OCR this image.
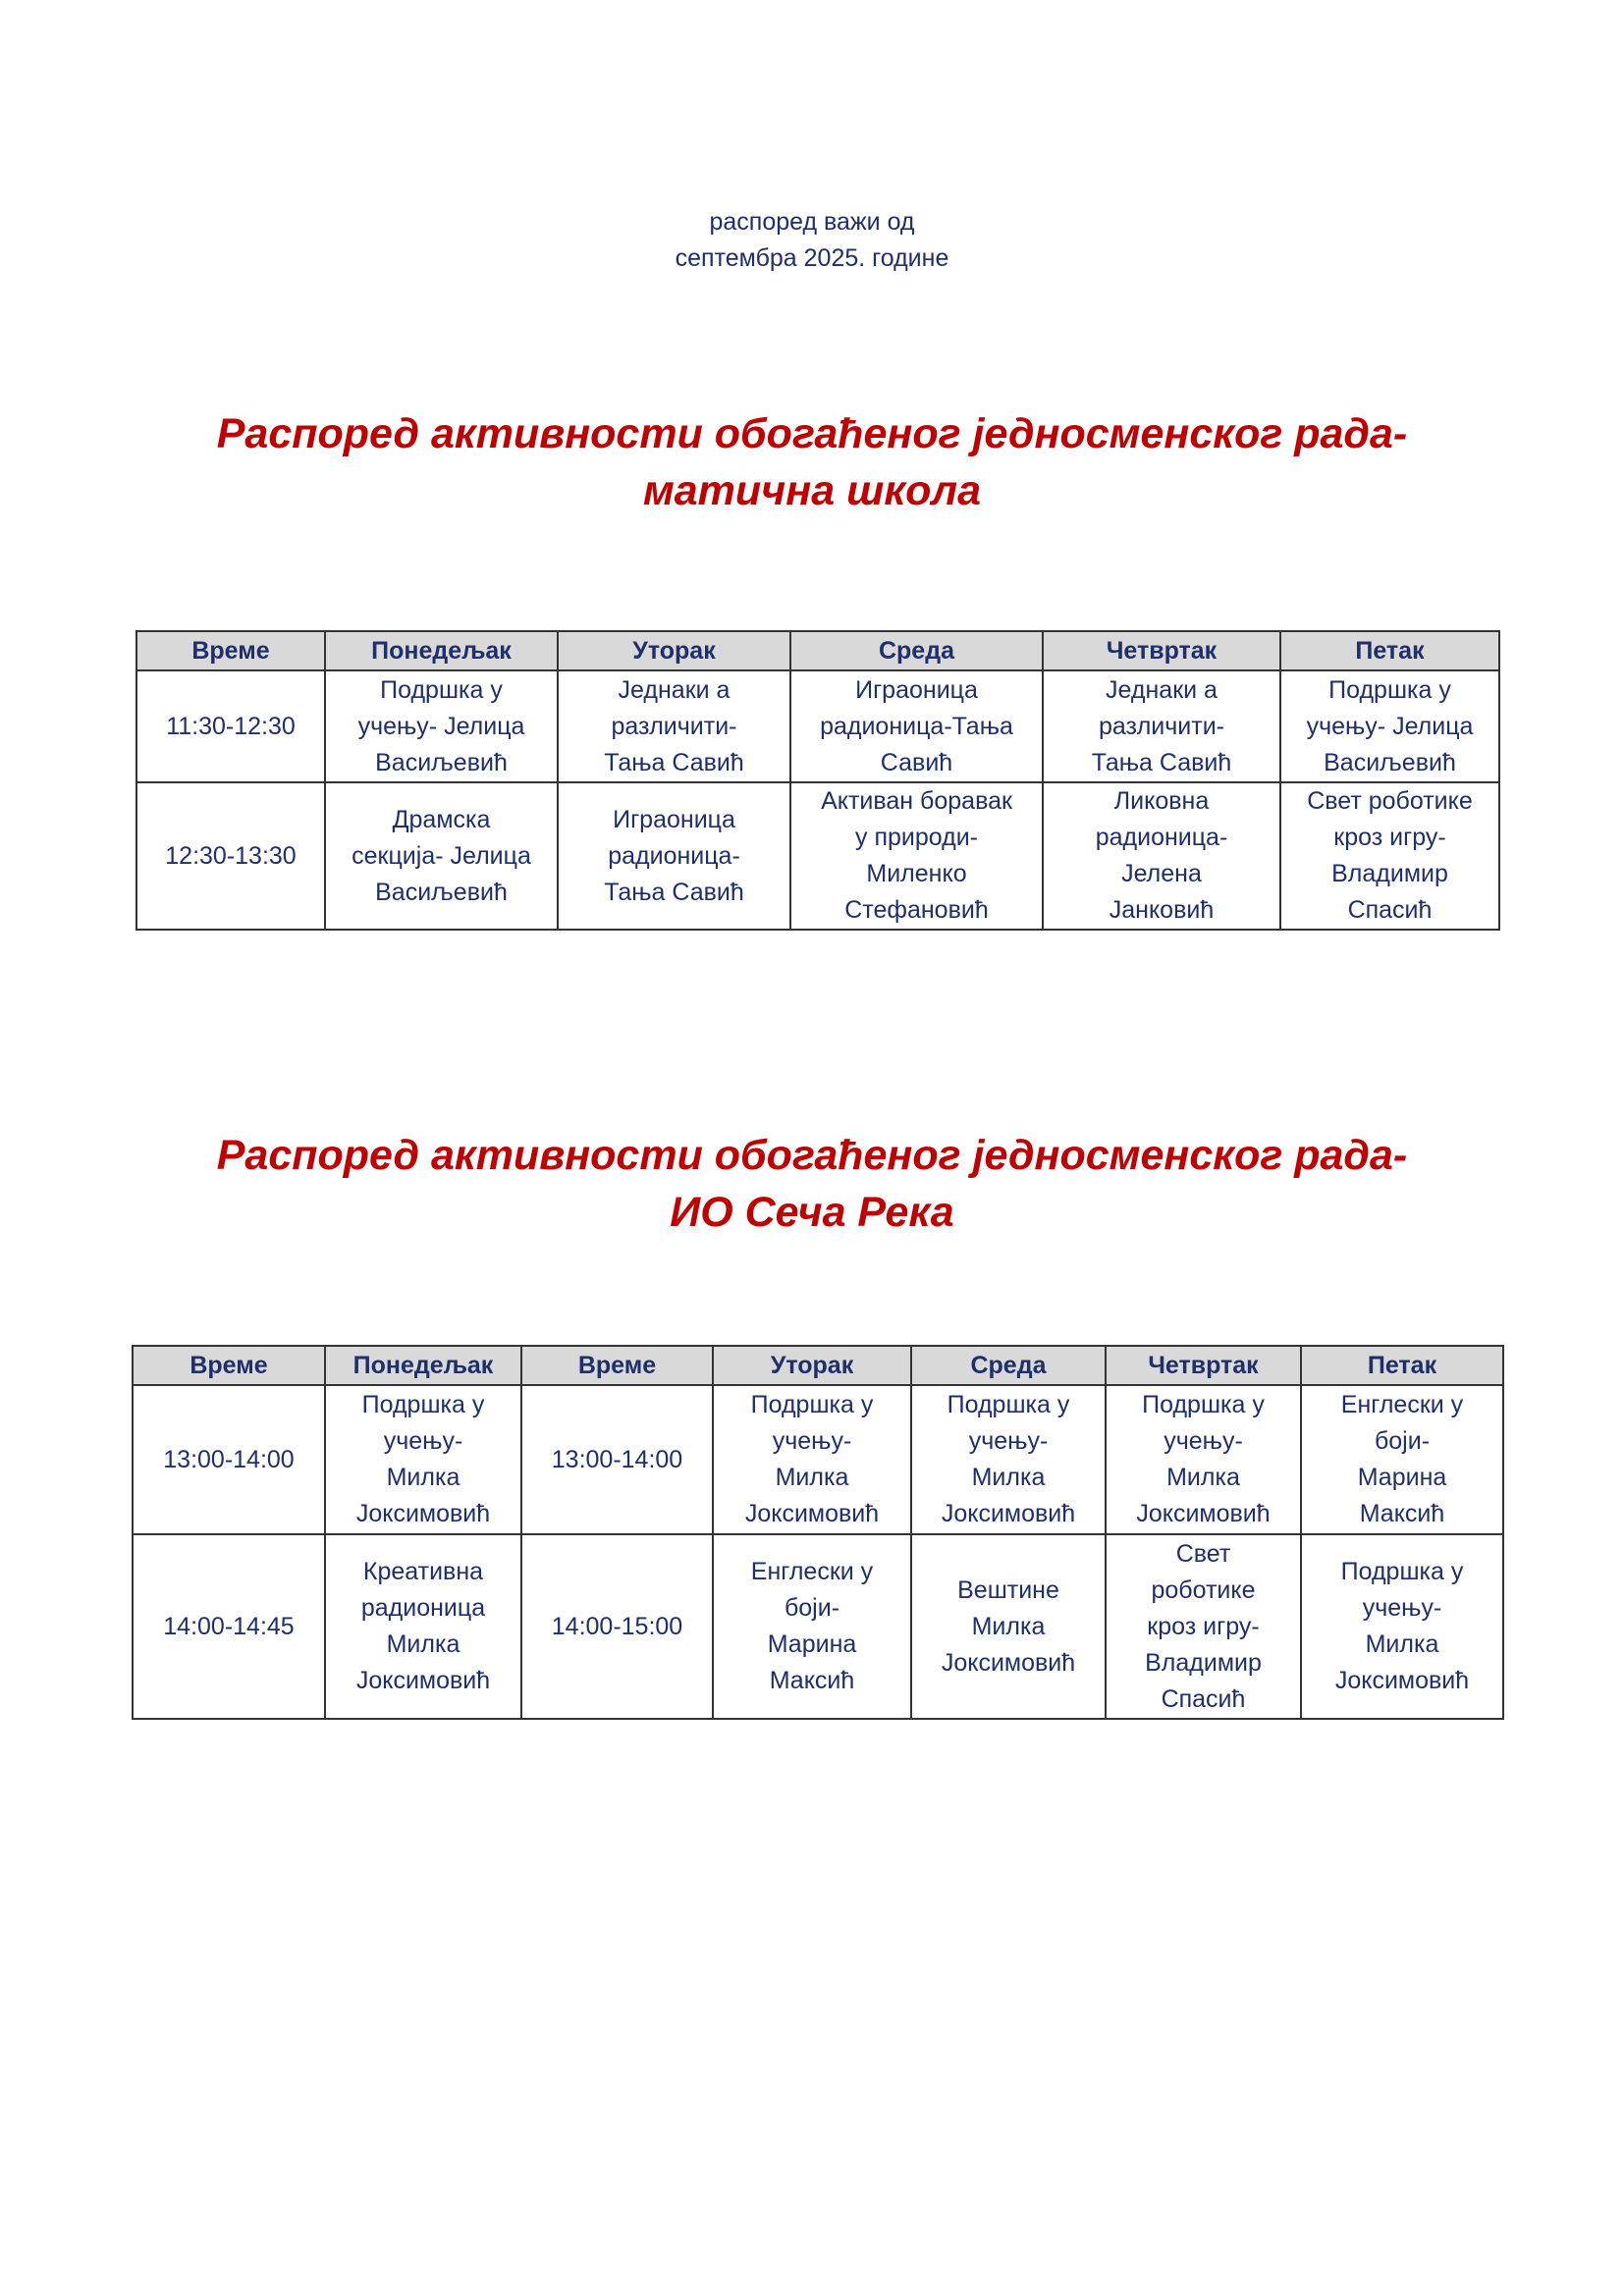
распоред важи од
септембра 2025. године
Распоред активности обогаћеног једносменског рада-
матична школа
Време	Понедељак	Уторак	Среда	Четвртак	Петак
11:30-12:30	Подршка у
учењу- Јелица
Васиљевић	Једнаки а
различити-
Тања Савић	Играоница
радионица-Тања
Савић	Једнаки а
различити-
Тања Савић	Подршка у
учењу- Јелица
Васиљевић

12:30-13:30	Драмска
секција- Јелица
Васиљевић	Играоница
радионица-
Тања Савић	Активан боравак
у природи-
Миленко
Стефановић	Ликовна
радионица-
Јелена
Јанковић	Свет роботике
кроз игру-
Владимир
Спасић
Распоред активности обогаћеног једносменског рада-
ИО Сеча Река
Време	Понедељак	Време	Уторак	Среда	Четвртак	Петак
13:00-14:00	Подршка у
учењу-
Милка
Јоксимовић	13:00-14:00	Подршка у
учењу-
Милка
Јоксимовић	Подршка у
учењу-
Милка
Јоксимовић	Подршка у
учењу-
Милка
Јоксимовић	Енглески у
боји-
Марина
Максић

14:00-14:45	Креативна
радионица
Милка
Јоксимовић	14:00-15:00	Енглески у
боји-
Марина
Максић	Вештине
Милка
Јоксимовић	Свет
роботике
кроз игру-
Владимир
Спасић	Подршка у
учењу-
Милка
Јоксимовић
